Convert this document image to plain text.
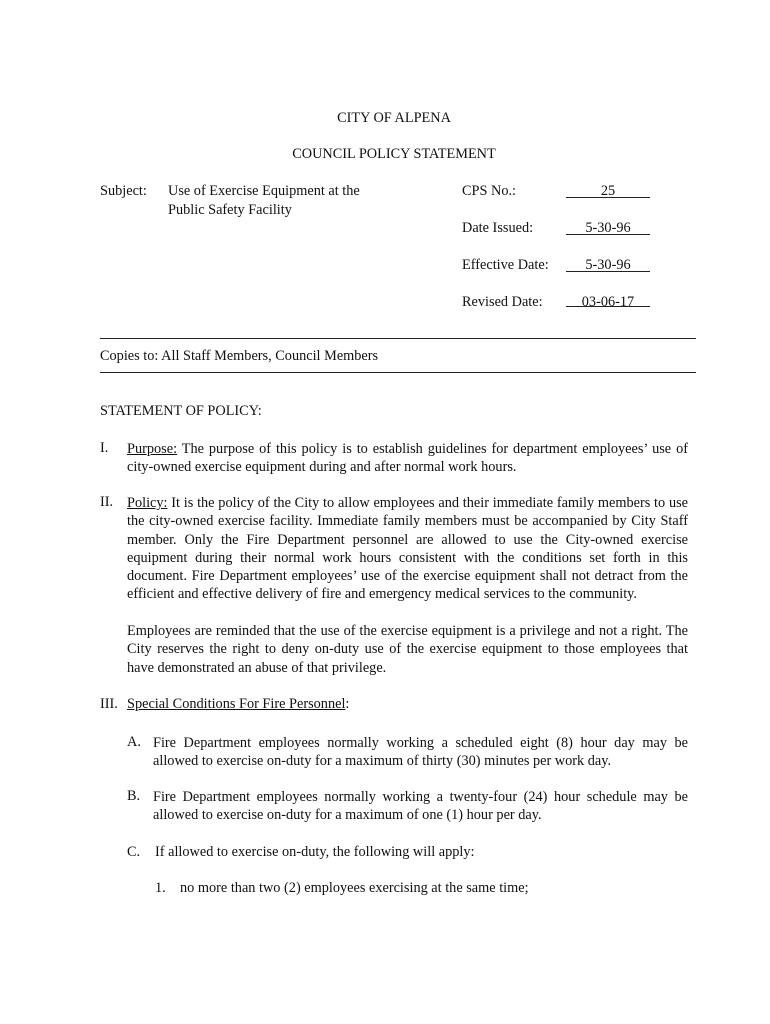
CITY OF ALPENA
COUNCIL POLICY STATEMENT
Subject: Use of Exercise Equipment at the
Public Safety Facility
CPS No.:	25
Date Issued:	5-30-96
Effective Date:	5-30-96
Revised Date:	03-06-17
Copies to: All Staff Members, Council Members
STATEMENT OF POLICY:
I. Purpose: The purpose of this policy is to establish guidelines for department employees’ use of city-owned exercise equipment during and after normal work hours.
II. Policy: It is the policy of the City to allow employees and their immediate family members to use the city-owned exercise facility. Immediate family members must be accompanied by City Staff member. Only the Fire Department personnel are allowed to use the City-owned exercise equipment during their normal work hours consistent with the conditions set forth in this document. Fire Department employees’ use of the exercise equipment shall not detract from the efficient and effective delivery of fire and emergency medical services to the community.
Employees are reminded that the use of the exercise equipment is a privilege and not a right. The City reserves the right to deny on-duty use of the exercise equipment to those employees that have demonstrated an abuse of that privilege.
III. Special Conditions For Fire Personnel:
A. Fire Department employees normally working a scheduled eight (8) hour day may be allowed to exercise on-duty for a maximum of thirty (30) minutes per work day.
B. Fire Department employees normally working a twenty-four (24) hour schedule may be allowed to exercise on-duty for a maximum of one (1) hour per day.
C. If allowed to exercise on-duty, the following will apply:
1. no more than two (2) employees exercising at the same time;
